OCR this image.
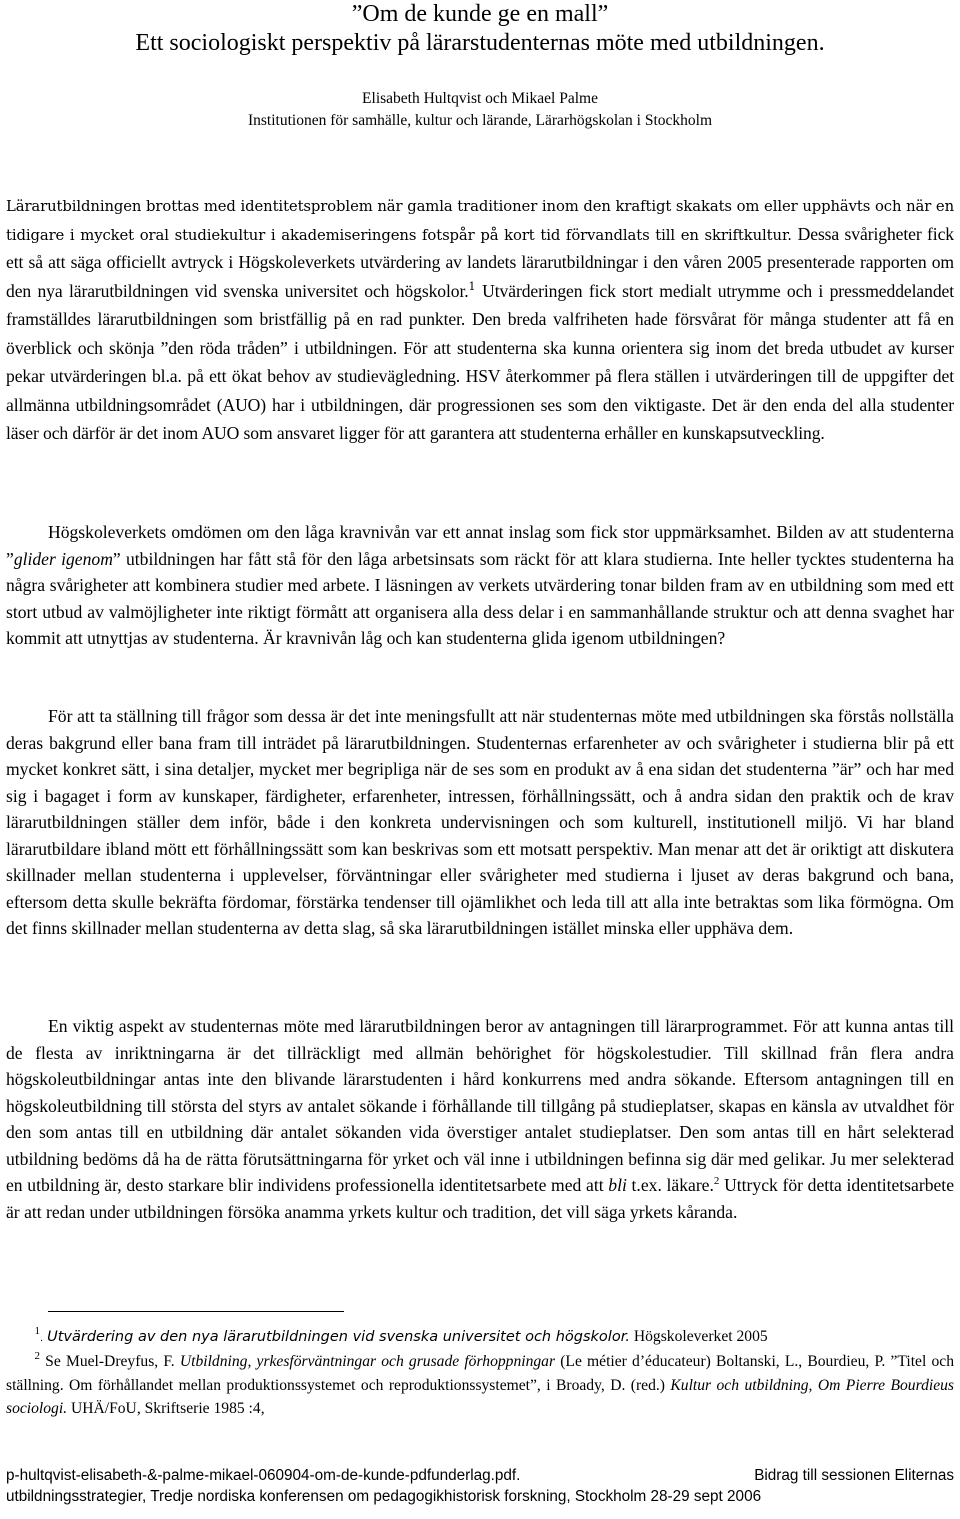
”Om de kunde ge en mall”
Ett sociologiskt perspektiv på lärarstudenternas möte med utbildningen.
Elisabeth Hultqvist och Mikael Palme
Institutionen för samhälle, kultur och lärande, Lärarhögskolan i Stockholm
Lärarutbildningen brottas med identitetsproblem när gamla traditioner inom den kraftigt skakats om eller upphävts och när en tidigare i mycket oral studiekultur i akademiseringens fotspår på kort tid förvandlats till en skriftkultur. Dessa svårigheter fick ett så att säga officiellt avtryck i Högskoleverkets utvärdering av landets lärarutbildningar i den våren 2005 presenterade rapporten om den nya lärarutbildningen vid svenska universitet och högskolor.$^1$ Utvärderingen fick stort medialt utrymme och i pressmeddelandet framställdes lärarutbildningen som bristfällig på en rad punkter. Den breda valfriheten hade försvårat för många studenter att få en överblick och skönja ”den röda tråden” i utbildningen. För att studenterna ska kunna orientera sig inom det breda utbudet av kurser pekar utvärderingen bl.a. på ett ökat behov av studievägledning. HSV återkommer på flera ställen i utvärderingen till de uppgifter det allmänna utbildningsområdet (AUO) har i utbildningen, där progressionen ses som den viktigaste. Det är den enda del alla studenter läser och därför är det inom AUO som ansvaret ligger för att garantera att studenterna erhåller en kunskapsutveckling.
Högskoleverkets omdömen om den låga kravnivån var ett annat inslag som fick stor uppmärksamhet. Bilden av att studenterna ”glider igenom” utbildningen har fått stå för den låga arbetsinsats som räckt för att klara studierna. Inte heller tycktes studenterna ha några svårigheter att kombinera studier med arbete. I läsningen av verkets utvärdering tonar bilden fram av en utbildning som med ett stort utbud av valmöjligheter inte riktigt förmått att organisera alla dess delar i en sammanhållande struktur och att denna svaghet har kommit att utnyttjas av studenterna. Är kravnivån låg och kan studenterna glida igenom utbildningen?
För att ta ställning till frågor som dessa är det inte meningsfullt att när studenternas möte med utbildningen ska förstås nollställa deras bakgrund eller bana fram till inträdet på lärarutbildningen. Studenternas erfarenheter av och svårigheter i studierna blir på ett mycket konkret sätt, i sina detaljer, mycket mer begripliga när de ses som en produkt av å ena sidan det studenterna ”är” och har med sig i bagaget i form av kunskaper, färdigheter, erfarenheter, intressen, förhållningssätt, och å andra sidan den praktik och de krav lärarutbildningen ställer dem inför, både i den konkreta undervisningen och som kulturell, institutionell miljö. Vi har bland lärarutbildare ibland mött ett förhållningssätt som kan beskrivas som ett motsatt perspektiv. Man menar att det är oriktigt att diskutera skillnader mellan studenterna i upplevelser, förväntningar eller svårigheter med studierna i ljuset av deras bakgrund och bana, eftersom detta skulle bekräfta fördomar, förstärka tendenser till ojämlikhet och leda till att alla inte betraktas som lika förmögna. Om det finns skillnader mellan studenterna av detta slag, så ska lärarutbildningen istället minska eller upphäva dem.
En viktig aspekt av studenternas möte med lärarutbildningen beror av antagningen till lärarprogrammet. För att kunna antas till de flesta av inriktningarna är det tillräckligt med allmän behörighet för högskolestudier. Till skillnad från flera andra högskoleutbildningar antas inte den blivande lärarstudenten i hård konkurrens med andra sökande. Eftersom antagningen till en högskoleutbildning till största del styrs av antalet sökande i förhållande till tillgång på studieplatser, skapas en känsla av utvaldhet för den som antas till en utbildning där antalet sökanden vida överstiger antalet studieplatser. Den som antas till en hårt selekterad utbildning bedöms då ha de rätta förutsättningarna för yrket och väl inne i utbildningen befinna sig där med gelikar. Ju mer selekterad en utbildning är, desto starkare blir individens professionella identitetsarbete med att bli t.ex. läkare.$^2$ Uttryck för detta identitetsarbete är att redan under utbildningen försöka anamma yrkets kultur och tradition, det vill säga yrkets kåranda.
$^1$. Utvärdering av den nya lärarutbildningen vid svenska universitet och högskolor. Högskoleverket 2005
$^2$ Se Muel-Dreyfus, F. Utbildning, yrkesförväntningar och grusade förhoppningar (Le métier d’éducateur) Boltanski, L., Bourdieu, P. ”Titel och ställning. Om förhållandet mellan produktionssystemet och reproduktionssystemet”, i Broady, D. (red.) Kultur och utbildning, Om Pierre Bourdieus sociologi. UHÄ/FoU, Skriftserie 1985 :4,
p-hultqvist-elisabeth-&-palme-mikael-060904-om-de-kunde-pdfunderlag.pdf.	Bidrag till sessionen Eliternas
utbildningsstrategier, Tredje nordiska konferensen om pedagogikhistorisk forskning, Stockholm 28-29 sept 2006
